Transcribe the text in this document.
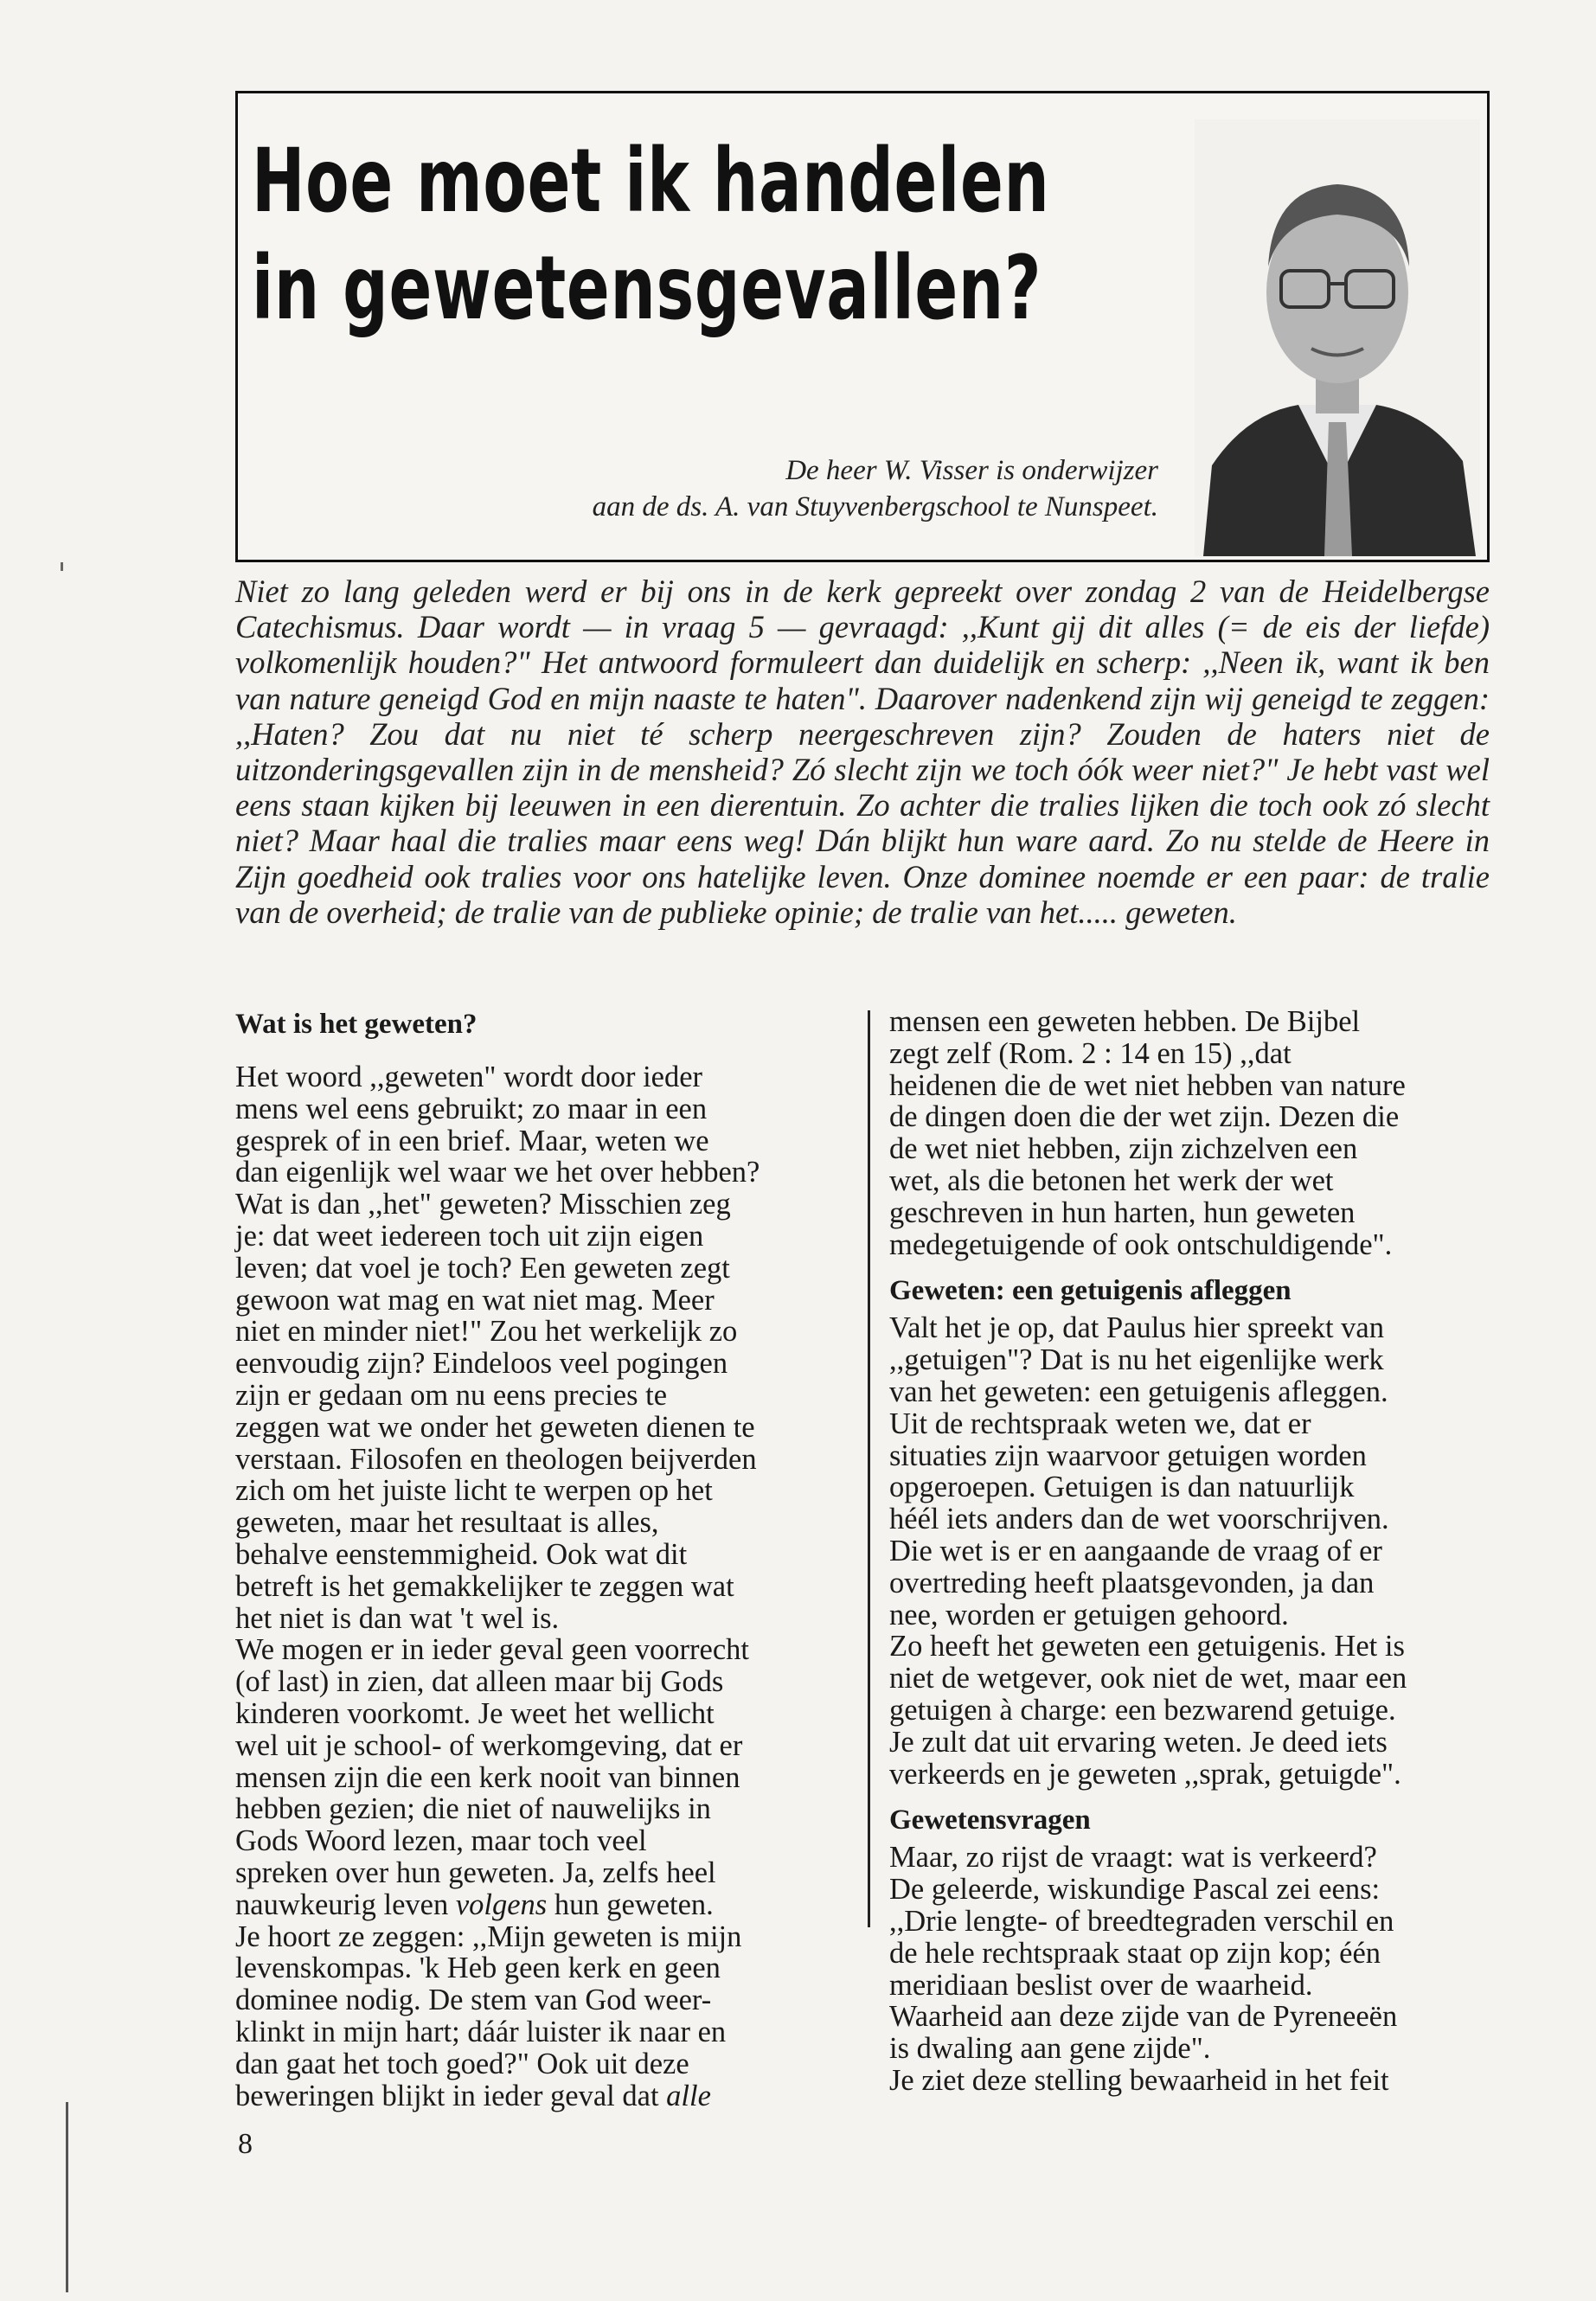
Hoe moet ik handelen
in gewetensgevallen?
De heer W. Visser is onderwijzer
aan de ds. A. van Stuyvenbergschool te Nunspeet.

Niet zo lang geleden werd er bij ons in de kerk gepreekt over zondag 2 van de Heidelbergse Catechismus. Daar wordt — in vraag 5 — gevraagd: ,,Kunt gij dit alles (= de eis der liefde) volkomenlijk houden?" Het antwoord formuleert dan duidelijk en scherp: ,,Neen ik, want ik ben van nature geneigd God en mijn naaste te haten". Daarover nadenkend zijn wij geneigd te zeggen: ,,Haten? Zou dat nu niet té scherp neergeschreven zijn? Zouden de haters niet de uitzonderingsgevallen zijn in de mensheid? Zó slecht zijn we toch óók weer niet?" Je hebt vast wel eens staan kijken bij leeuwen in een dierentuin. Zo achter die tralies lijken die toch ook zó slecht niet? Maar haal die tralies maar eens weg! Dán blijkt hun ware aard. Zo nu stelde de Heere in Zijn goedheid ook tralies voor ons hatelijke leven. Onze dominee noemde er een paar: de tralie van de overheid; de tralie van de publieke opinie; de tralie van het..... geweten.

Wat is het geweten?

Het woord ,,geweten" wordt door ieder
mens wel eens gebruikt; zo maar in een
gesprek of in een brief. Maar, weten we
dan eigenlijk wel waar we het over hebben?
Wat is dan ,,het" geweten? Misschien zeg
je: dat weet iedereen toch uit zijn eigen
leven; dat voel je toch? Een geweten zegt
gewoon wat mag en wat niet mag. Meer
niet en minder niet!" Zou het werkelijk zo
eenvoudig zijn? Eindeloos veel pogingen
zijn er gedaan om nu eens precies te
zeggen wat we onder het geweten dienen te
verstaan. Filosofen en theologen beijverden
zich om het juiste licht te werpen op het
geweten, maar het resultaat is alles,
behalve eenstemmigheid. Ook wat dit
betreft is het gemakkelijker te zeggen wat
het niet is dan wat 't wel is.

We mogen er in ieder geval geen voorrecht
(of last) in zien, dat alleen maar bij Gods
kinderen voorkomt. Je weet het wellicht
wel uit je school- of werkomgeving, dat er
mensen zijn die een kerk nooit van binnen
hebben gezien; die niet of nauwelijks in
Gods Woord lezen, maar toch veel
spreken over hun geweten. Ja, zelfs heel
nauwkeurig leven volgens hun geweten.

Je hoort ze zeggen: ,,Mijn geweten is mijn
levenskompas. 'k Heb geen kerk en geen
dominee nodig. De stem van God weer-
klinkt in mijn hart; dáár luister ik naar en
dan gaat het toch goed?" Ook uit deze
beweringen blijkt in ieder geval dat alle

mensen een geweten hebben. De Bijbel
zegt zelf (Rom. 2 : 14 en 15) ,,dat
heidenen die de wet niet hebben van nature
de dingen doen die der wet zijn. Dezen die
de wet niet hebben, zijn zichzelven een
wet, als die betonen het werk der wet
geschreven in hun harten, hun geweten
medegetuigende of ook ontschuldigende".

Geweten: een getuigenis afleggen

Valt het je op, dat Paulus hier spreekt van
,,getuigen"? Dat is nu het eigenlijke werk
van het geweten: een getuigenis afleggen.
Uit de rechtspraak weten we, dat er
situaties zijn waarvoor getuigen worden
opgeroepen. Getuigen is dan natuurlijk
héél iets anders dan de wet voorschrijven.
Die wet is er en aangaande de vraag of er
overtreding heeft plaatsgevonden, ja dan
nee, worden er getuigen gehoord.

Zo heeft het geweten een getuigenis. Het is
niet de wetgever, ook niet de wet, maar een
getuigen à charge: een bezwarend getuige.
Je zult dat uit ervaring weten. Je deed iets
verkeerds en je geweten ,,sprak, getuigde".

Gewetensvragen

Maar, zo rijst de vraagt: wat is verkeerd?
De geleerde, wiskundige Pascal zei eens:
,,Drie lengte- of breedtegraden verschil en
de hele rechtspraak staat op zijn kop; één
meridiaan beslist over de waarheid.
Waarheid aan deze zijde van de Pyreneeën
is dwaling aan gene zijde".

Je ziet deze stelling bewaarheid in het feit

8
